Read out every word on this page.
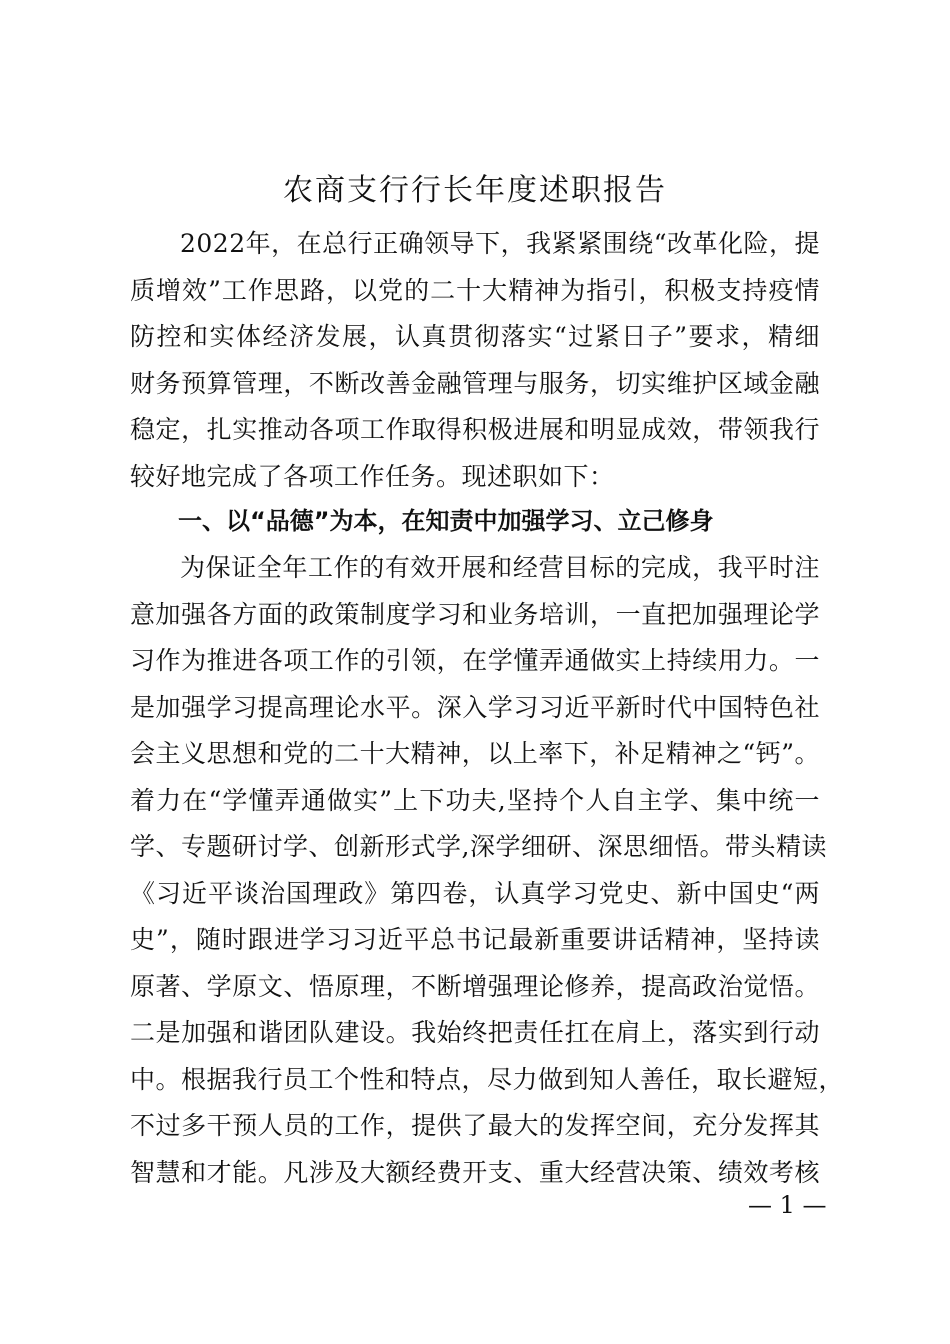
农商支行行长年度述职报告
2022年，在总行正确领导下，我紧紧围绕“改革化险，提
质增效”工作思路，以党的二十大精神为指引，积极支持疫情
防控和实体经济发展，认真贯彻落实“过紧日子”要求，精细
财务预算管理，不断改善金融管理与服务，切实维护区域金融
稳定，扎实推动各项工作取得积极进展和明显成效，带领我行
较好地完成了各项工作任务。现述职如下：
一、以“品德”为本，在知责中加强学习、立己修身
为保证全年工作的有效开展和经营目标的完成，我平时注
意加强各方面的政策制度学习和业务培训，一直把加强理论学
习作为推进各项工作的引领，在学懂弄通做实上持续用力。一
是加强学习提高理论水平。深入学习习近平新时代中国特色社
会主义思想和党的二十大精神，以上率下，补足精神之“钙”。
着力在“学懂弄通做实”上下功夫,坚持个人自主学、集中统一
学、专题研讨学、创新形式学,深学细研、深思细悟。带头精读
《习近平谈治国理政》第四卷，认真学习党史、新中国史“两
史”，随时跟进学习习近平总书记最新重要讲话精神，坚持读
原著、学原文、悟原理，不断增强理论修养，提高政治觉悟。
二是加强和谐团队建设。我始终把责任扛在肩上，落实到行动
中。根据我行员工个性和特点，尽力做到知人善任，取长避短，
不过多干预人员的工作，提供了最大的发挥空间，充分发挥其
智慧和才能。凡涉及大额经费开支、重大经营决策、绩效考核
— 1 —
